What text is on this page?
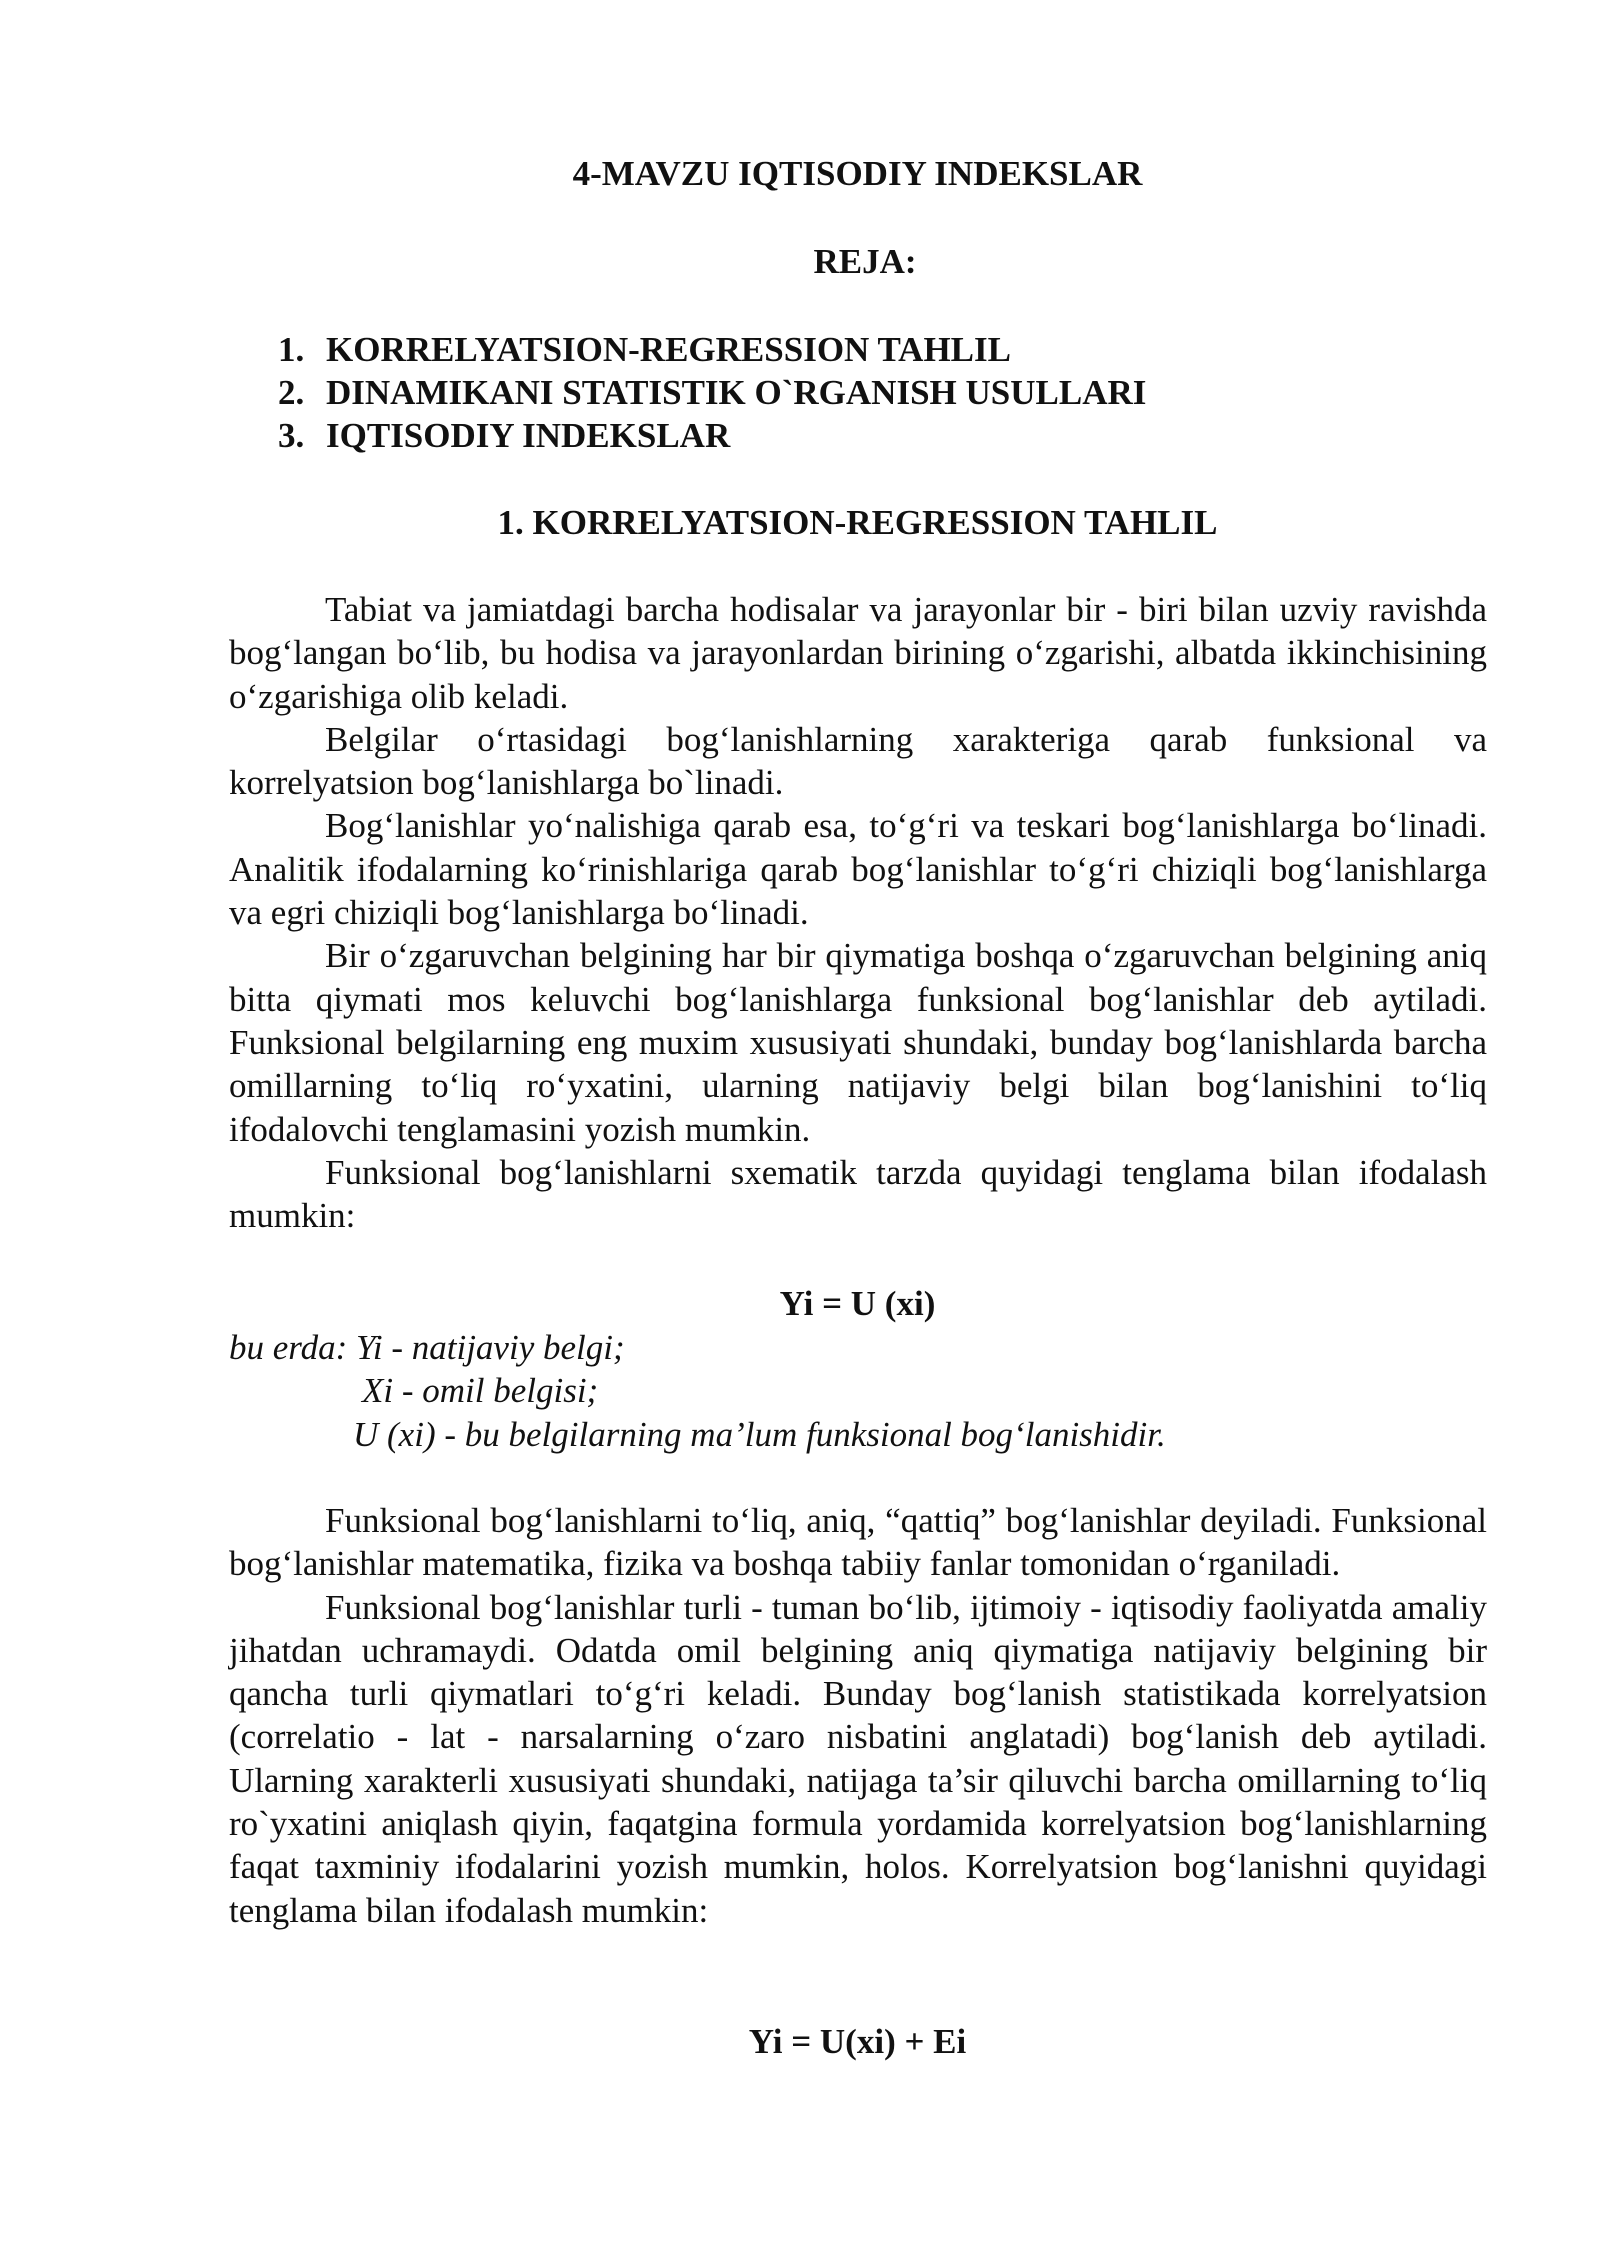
4-MAVZU IQTISODIY INDEKSLAR
REJA:
1. KORRELYATSION-REGRESSION TAHLIL
2. DINAMIKANI STATISTIK O`RGANISH USULLARI
3. IQTISODIY INDEKSLAR
1. KORRELYATSION-REGRESSION TAHLIL

Tabiat va jamiatdagi barcha hodisalar va jarayonlar bir - biri bilan uzviy ravishda bog‘langan bo‘lib, bu hodisa va jarayonlardan birining o‘zgarishi, albatda ikkinchisining o‘zgarishiga olib keladi.

Belgilar o‘rtasidagi bog‘lanishlarning xarakteriga qarab funksional va korrelyatsion bog‘lanishlarga bo`linadi.

Bog‘lanishlar yo‘nalishiga qarab esa, to‘g‘ri va teskari bog‘lanishlarga bo‘linadi. Analitik ifodalarning ko‘rinishlariga qarab bog‘lanishlar to‘g‘ri chiziqli bog‘lanishlarga va egri chiziqli bog‘lanishlarga bo‘linadi.

Bir o‘zgaruvchan belgining har bir qiymatiga boshqa o‘zgaruvchan belgining aniq bitta qiymati mos keluvchi bog‘lanishlarga funksional bog‘lanishlar deb aytiladi. Funksional belgilarning eng muxim xususiyati shundaki, bunday bog‘lanishlarda barcha omillarning to‘liq ro‘yxatini, ularning natijaviy belgi bilan bog‘lanishini to‘liq ifodalovchi tenglamasini yozish mumkin.

Funksional bog‘lanishlarni sxematik tarzda quyidagi tenglama bilan ifodalash mumkin:

Yi = U (xi)
bu erda: Yi - natijaviy belgi;
Xi - omil belgisi;
U (xi) - bu belgilarning ma’lum funksional bog‘lanishidir.

Funksional bog‘lanishlarni to‘liq, aniq, “qattiq” bog‘lanishlar deyiladi. Funksional bog‘lanishlar matematika, fizika va boshqa tabiiy fanlar tomonidan o‘rganiladi.

Funksional bog‘lanishlar turli - tuman bo‘lib, ijtimoiy - iqtisodiy faoliyatda amaliy jihatdan uchramaydi. Odatda omil belgining aniq qiymatiga natijaviy belgining bir qancha turli qiymatlari to‘g‘ri keladi. Bunday bog‘lanish statistikada korrelyatsion (correlatio - lat - narsalarning o‘zaro nisbatini anglatadi) bog‘lanish deb aytiladi. Ularning xarakterli xususiyati shundaki, natijaga ta’sir qiluvchi barcha omillarning to‘liq ro`yxatini aniqlash qiyin, faqatgina formula yordamida korrelyatsion bog‘lanishlarning faqat taxminiy ifodalarini yozish mumkin, holos. Korrelyatsion bog‘lanishni quyidagi tenglama bilan ifodalash mumkin:

Yi = U(xi) + Ei
